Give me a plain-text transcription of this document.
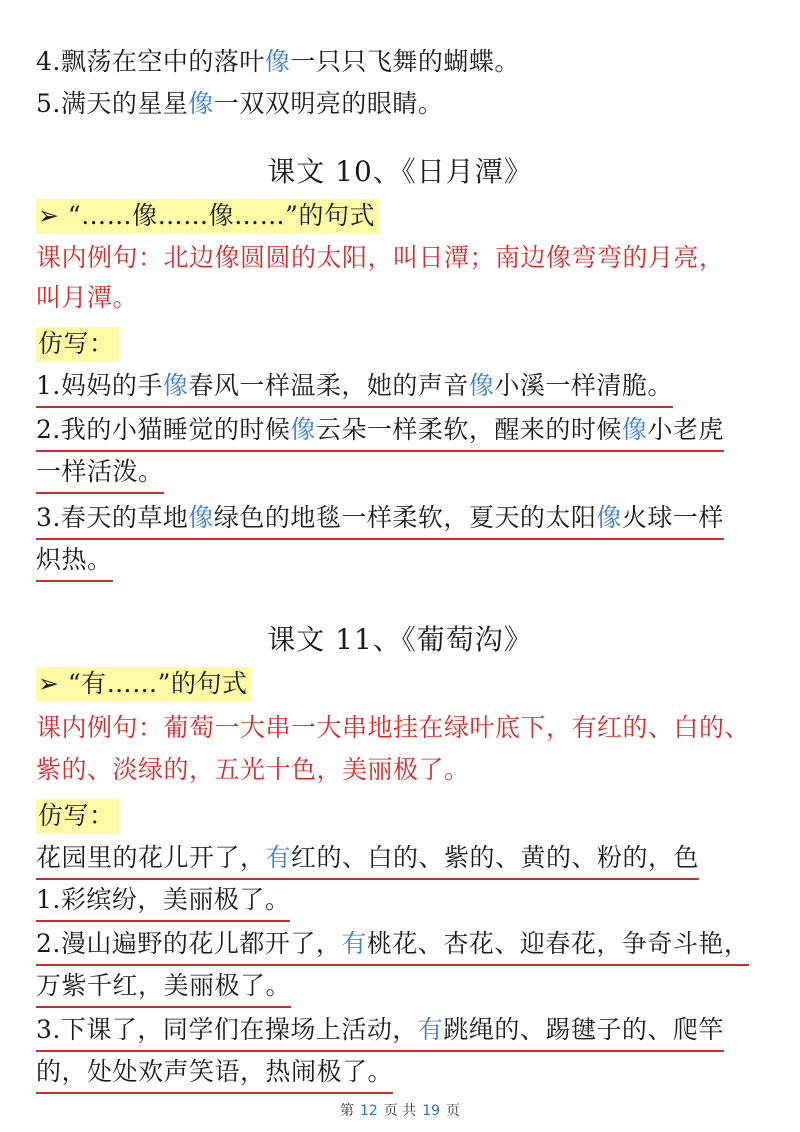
4.飘荡在空中的落叶像一只只飞舞的蝴蝶。
5.满天的星星像一双双明亮的眼睛。
课文 10、《日月潭》
➢ “……像……像……”的句式
课内例句：北边像圆圆的太阳，叫日潭；南边像弯弯的月亮，
叫月潭。
仿写：
1.妈妈的手像春风一样温柔，她的声音像小溪一样清脆。
2.我的小猫睡觉的时候像云朵一样柔软，醒来的时候像小老虎
一样活泼。
3.春天的草地像绿色的地毯一样柔软，夏天的太阳像火球一样
炽热。
课文 11、《葡萄沟》
➢ “有……”的句式
课内例句：葡萄一大串一大串地挂在绿叶底下，有红的、白的、
紫的、淡绿的，五光十色，美丽极了。
仿写：
花园里的花儿开了，有红的、白的、紫的、黄的、粉的，色
1.彩缤纷，美丽极了。
2.漫山遍野的花儿都开了，有桃花、杏花、迎春花，争奇斗艳，
万紫千红，美丽极了。
3.下课了，同学们在操场上活动，有跳绳的、踢毽子的、爬竿
的，处处欢声笑语，热闹极了。
第 12 页 共 19 页
